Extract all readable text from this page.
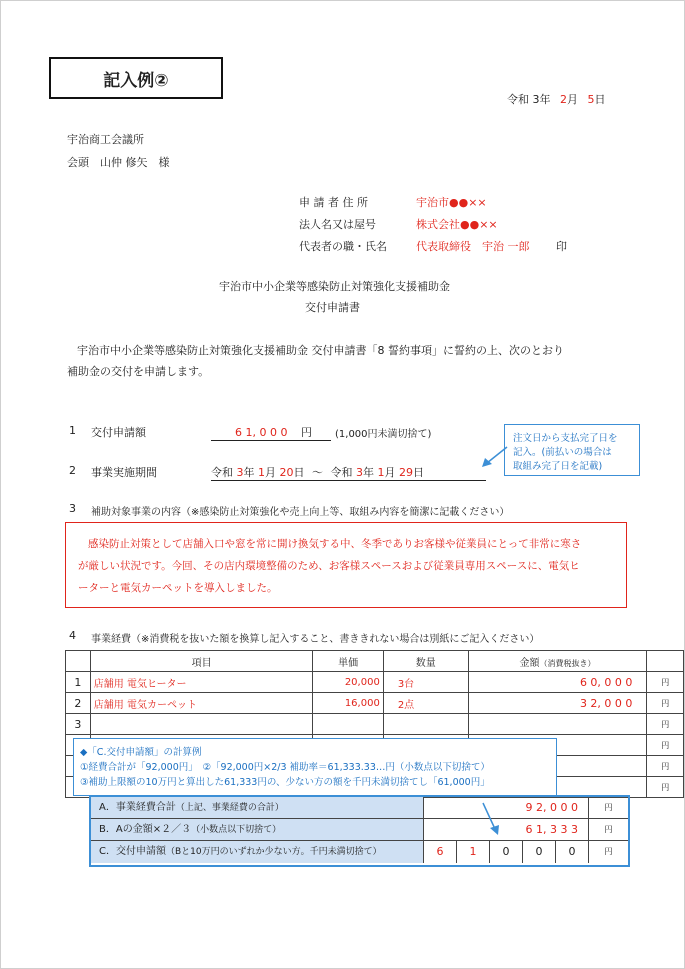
記入例②
令和 3年 2月 5日
宇治商工会議所
会頭　山仲 修矢　様
申 請 者 住 所	宇治市●●××
法人名又は屋号	株式会社●●××
代表者の職・氏名	代表取締役　宇治 一郎 印
宇治市中小企業等感染防止対策強化支援補助金
交付申請書
宇治市中小企業等感染防止対策強化支援補助金 交付申請書「8 誓約事項」に誓約の上、次のとおり
補助金の交付を申請します。
1 交付申請額	6 1, 0 0 0 円	(1,000円未満切捨て)
2 事業実施期間	令和 3年 1月 20日 ～ 令和 3年 1月 29日
注文日から支払完了日を
記入。(前払いの場合は
取組み完了日を記載)
3 補助対象事業の内容（※感染防止対策強化や売上向上等、取組み内容を簡潔に記載ください）

感染防止対策として店舗入口や窓を常に開け換気する中、冬季でありお客様や従業員にとって非常に寒さ

が厳しい状況です。今回、その店内環境整備のため、お客様スペースおよび従業員専用スペースに、電気ヒ

ーターと電気カーペットを導入しました。

4 事業経費（※消費税を抜いた額を換算し記入すること、書ききれない場合は別紙にご記入ください）
	項目	単価	数量	金額（消費税抜き）	
1	店舗用 電気ヒーター	20,000	3台	6 0, 0 0 0	円
2	店舗用 電気カーペット	16,000	2点	3 2, 0 0 0	円
3					円
					円
					円
					円
◆「C.交付申請額」の計算例
①経費合計が「92,000円」　②「92,000円×2/3 補助率＝61,333.33…円（小数点以下切捨て）
③補助上限額の10万円と算出した61,333円の、少ない方の額を千円未満切捨てし「61,000円」
A．事業経費合計（上記、事業経費の合計）	9 2, 0 0 0	円
B．Aの金額×２／３（小数点以下切捨て）	6 1, 3 3 3	円
C．交付申請額（Bと10万円のいずれか少ない方。千円未満切捨て）	6	1	0	0	0	円
